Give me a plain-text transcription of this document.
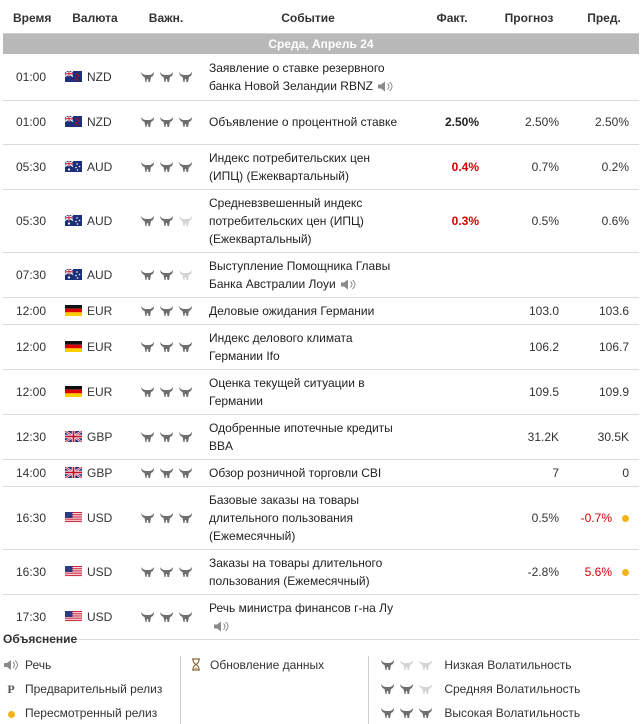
Время	Валюта	Важн.	Событие	Факт.	Прогноз	Пред.
Среда, Апрель 24						
01:00	NZD		Заявление о ставке резервного банка Новой Зеландии RBNZ			
01:00	NZD		Объявление о процентной ставке	2.50%	2.50%	2.50%
05:30	AUD		Индекс потребительских цен (ИПЦ) (Ежеквартальный)	0.4%	0.7%	0.2%
05:30	AUD		Средневзвешенный индекс потребительских цен (ИПЦ) (Ежеквартальный)	0.3%	0.5%	0.6%
07:30	AUD		Выступление Помощника Главы Банка Австралии Лоуи			
12:00	EUR		Деловые ожидания Германии		103.0	103.6
12:00	EUR		Индекс делового климата Германии Ifo		106.2	106.7
12:00	EUR		Оценка текущей ситуации в Германии		109.5	109.9
12:30	GBP		Одобренные ипотечные кредиты BBA		31.2K	30.5K
14:00	GBP		Обзор розничной торговли CBI		7	0
16:30	USD		Базовые заказы на товары длительного пользования (Ежемесячный)		0.5%	-0.7%
16:30	USD		Заказы на товары длительного пользования (Ежемесячный)		-2.8%	5.6%
17:30	USD		Речь министра финансов г-на Лу			
Объяснение
Речь
P Предварительный релиз
Пересмотренный релиз
Обновление данных	Низкая Волатильность
Средняя Волатильность
Высокая Волатильность
